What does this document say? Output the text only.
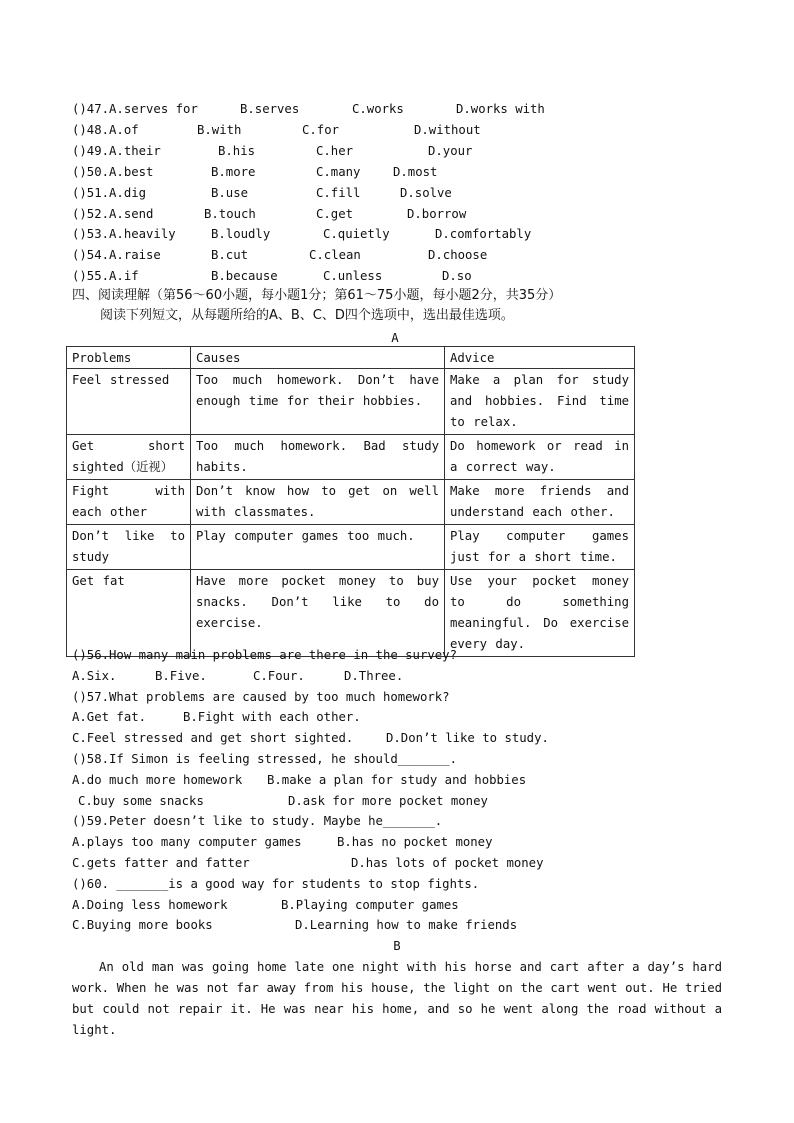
()47.A.serves for	B.serves	C.works	D.works with
()48.A.of	B.with	C.for	D.without
()49.A.their	B.his	C.her	D.your
()50.A.best	B.more	C.many	D.most
()51.A.dig	B.use	C.fill	D.solve
()52.A.send	B.touch	C.get	D.borrow
()53.A.heavily	B.loudly	C.quietly	D.comfortably
()54.A.raise	B.cut	C.clean	D.choose
()55.A.if	B.because	C.unless	D.so
四、阅读理解（第56～60小题，每小题1分；第61～75小题，每小题2分，共35分）
阅读下列短文，从每题所给的A、B、C、D四个选项中，选出最佳选项。
A
Problems	Causes	Advice
Feel stressed	Too much homework. Don’t have enough time for their hobbies.	Make a plan for study and hobbies. Find time to relax.
Get short sighted（近视）	Too much homework. Bad study habits.	Do homework or read in a correct way.
Fight with each other	Don’t know how to get on well with classmates.	Make more friends and understand each other.
Don’t like to study	Play computer games too much.	Play computer games just for a short time.
Get fat	Have more pocket money to buy snacks. Don’t like to do exercise.	Use your pocket money to do something meaningful. Do exercise every day.
()56.How many main problems are there in the survey?
A.Six.	B.Five.	C.Four.	D.Three.
()57.What problems are caused by too much homework?
A.Get fat.	B.Fight with each other.
C.Feel stressed and get short sighted.	D.Don’t like to study.
()58.If Simon is feeling stressed, he should_______.
A.do much more homework B.make a plan for study and hobbies
C.buy some snacks	D.ask for more pocket money
()59.Peter doesn’t like to study. Maybe he_______.
A.plays too many computer games	B.has no pocket money
C.gets fatter and fatter	D.has lots of pocket money
()60. _______is a good way for students to stop fights.
A.Doing less homework	B.Playing computer games
C.Buying more books	D.Learning how to make friends
B
An old man was going home late one night with his horse and cart after a day’s hard work. When he was not far away from his house, the light on the cart went out. He tried but could not repair it. He was near his home, and so he went along the road without a light.
